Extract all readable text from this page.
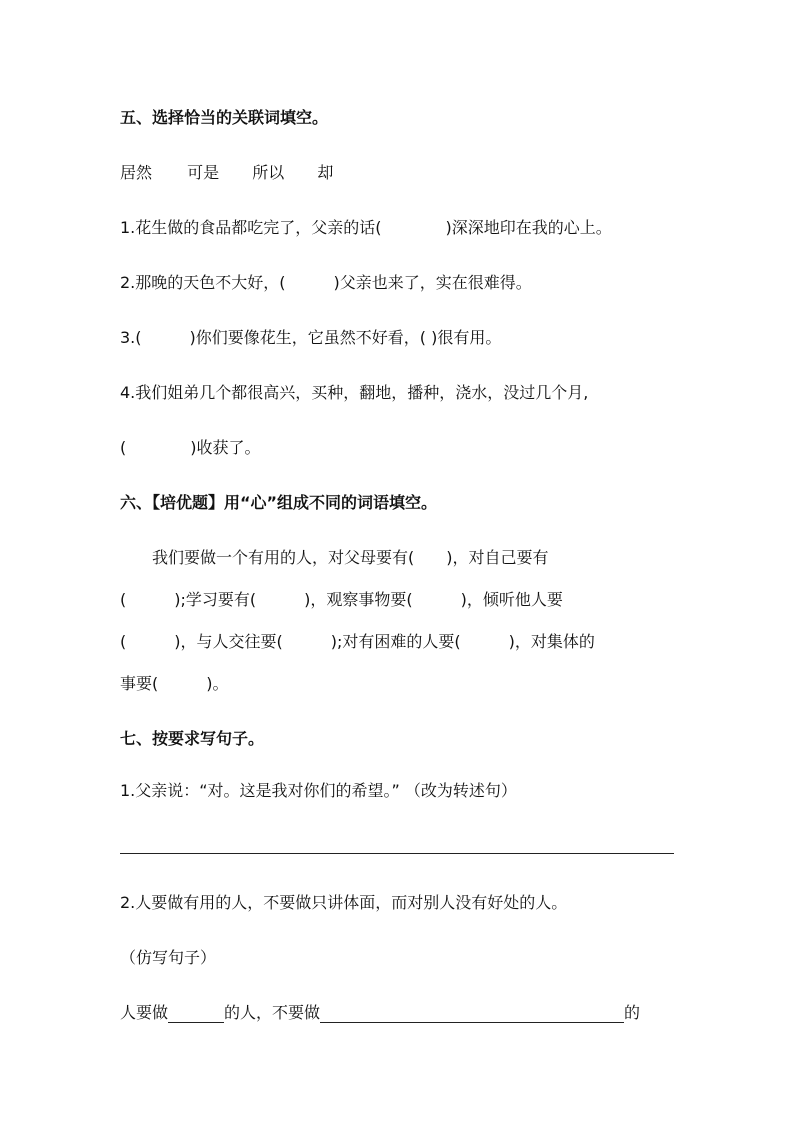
五、选择恰当的关联词填空。
居然 可是 所以 却
1.花生做的食品都吃完了，父亲的话(　　　　)深深地印在我的心上。
2.那晚的天色不大好，(　　　)父亲也来了，实在很难得。
3.(　　　)你们要像花生，它虽然不好看，( )很有用。
4.我们姐弟几个都很高兴，买种，翻地，播种，浇水，没过几个月,
(　　　　)收获了。
六、【培优题】用“心”组成不同的词语填空。
　　我们要做一个有用的人，对父母要有(　　 )，对自己要有
(　　　);学习要有(　　　)，观察事物要(　　　)，倾听他人要
(　　　)，与人交往要(　　　);对有困难的人要(　　　)，对集体的
事要(　　　)。
七、按要求写句子。
1.父亲说：“对。这是我对你们的希望。” （改为转述句）
2.人要做有用的人，不要做只讲体面，而对别人没有好处的人。
（仿写句子）
人要做	的人，不要做	的
